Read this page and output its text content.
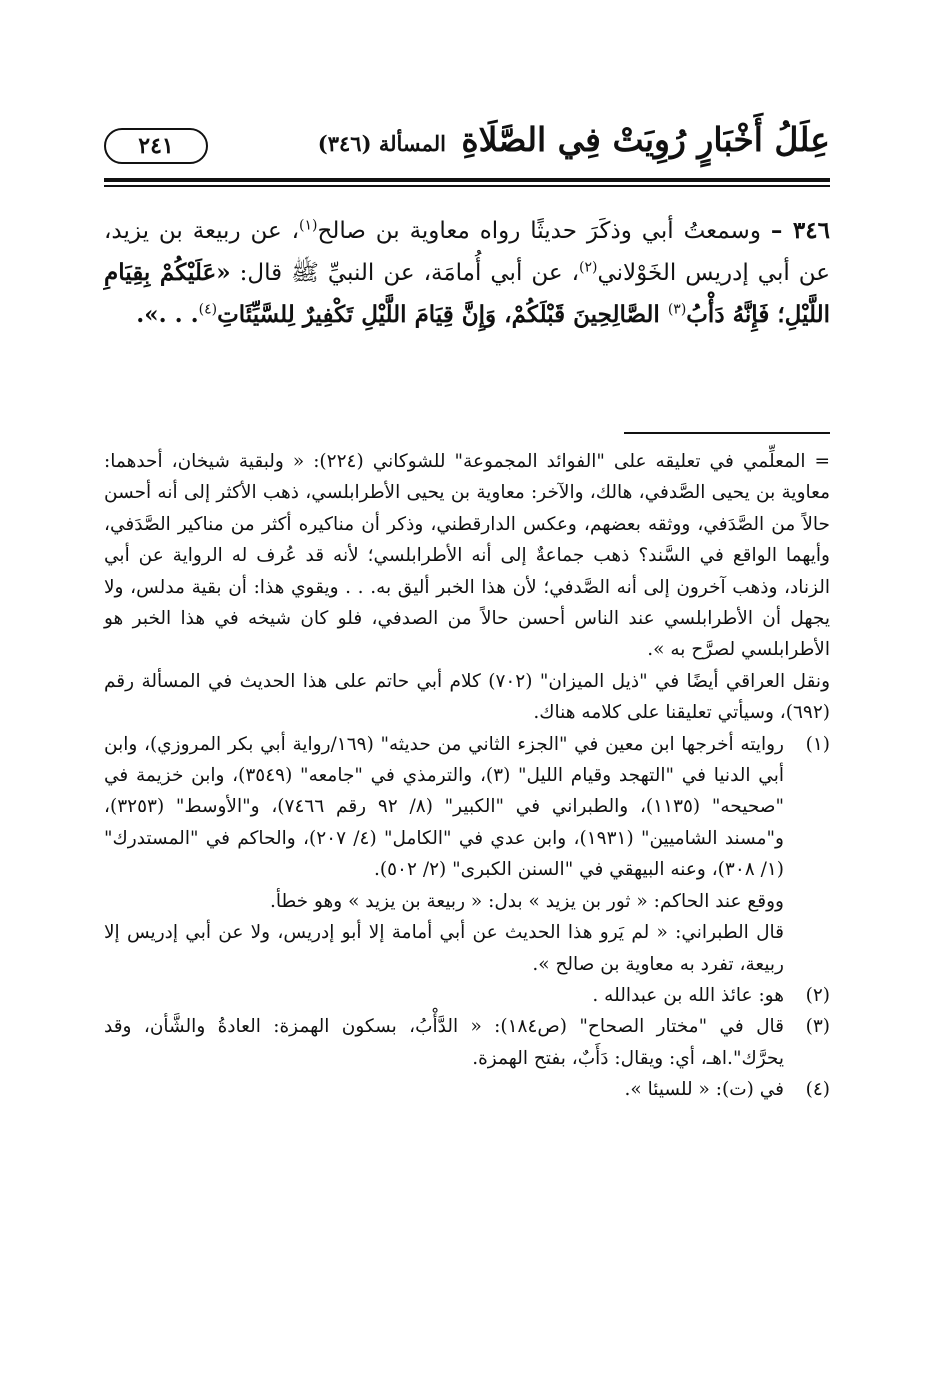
عِلَلُ أَخْبَارٍ رُوِيَتْ فِي الصَّلَاةِ
المسألة (٣٤٦)
٢٤١

٣٤٦ – وسمعتُ أبي وذكَرَ حديثًا رواه معاوية بن صالح$^{(١)}$، عن ربيعة بن يزيد، عن أبي إدريس الخَوْلاني$^{(٢)}$، عن أبي أُمامَة، عن النبيِّ ﷺ قال: «عَلَيْكُمْ بِقِيَامِ اللَّيْلِ؛ فَإِنَّهُ دَأْبُ$^{(٣)}$ الصَّالِحِينَ قَبْلَكُمْ، وَإِنَّ قِيَامَ اللَّيْلِ تَكْفِيرٌ لِلسَّيِّئَاتِ$^{(٤)}$. . .».

= المعلِّمي في تعليقه على "الفوائد المجموعة" للشوكاني (٢٢٤): « ولبقية شيخان، أحدهما: معاوية بن يحيى الصَّدفي، هالك، والآخر: معاوية بن يحيى الأطرابلسي، ذهب الأكثر إلى أنه أحسن حالاً من الصَّدَفي، ووثقه بعضهم، وعكس الدارقطني، وذكر أن مناكيره أكثر من مناكير الصَّدَفي، وأيهما الواقع في السَّند؟ ذهب جماعةٌ إلى أنه الأطرابلسي؛ لأنه قد عُرف له الرواية عن أبي الزناد، وذهب آخرون إلى أنه الصَّدفي؛ لأن هذا الخبر أليق به. . . ويقوي هذا: أن بقية مدلس، ولا يجهل أن الأطرابلسي عند الناس أحسن حالاً من الصدفي، فلو كان شيخه في هذا الخبر هو الأطرابلسي لصرَّح به ».

ونقل العراقي أيضًا في "ذيل الميزان" (٧٠٢) كلام أبي حاتم على هذا الحديث في المسألة رقم (٦٩٢)، وسيأتي تعليقنا على كلامه هناك.

(١)

روايته أخرجها ابن معين في "الجزء الثاني من حديثه" (١٦٩/رواية أبي بكر المروزي)، وابن أبي الدنيا في "التهجد وقيام الليل" (٣)، والترمذي في "جامعه" (٣٥٤٩)، وابن خزيمة في "صحيحه" (١١٣٥)، والطبراني في "الكبير" (٨/ ٩٢ رقم ٧٤٦٦)، و"الأوسط" (٣٢٥٣)، و"مسند الشاميين" (١٩٣١)، وابن عدي في "الكامل" (٤/ ٢٠٧)، والحاكم في "المستدرك" (١/ ٣٠٨)، وعنه البيهقي في "السنن الكبرى" (٢/ ٥٠٢).

ووقع عند الحاكم: « ثور بن يزيد » بدل: « ربيعة بن يزيد » وهو خطأ.

قال الطبراني: « لم يَرو هذا الحديث عن أبي أمامة إلا أبو إدريس، ولا عن أبي إدريس إلا ربيعة، تفرد به معاوية بن صالح ».

(٢)

هو: عائذ الله بن عبدالله .

(٣)

قال في "مختار الصحاح" (ص١٨٤): « الدَّأْبُ، بسكون الهمزة: العادةُ والشَّأن، وقد يحرَّك".اهـ، أي: ويقال: دَأَبٌ، بفتح الهمزة.

(٤)

في (ت): « للسيئا ».
